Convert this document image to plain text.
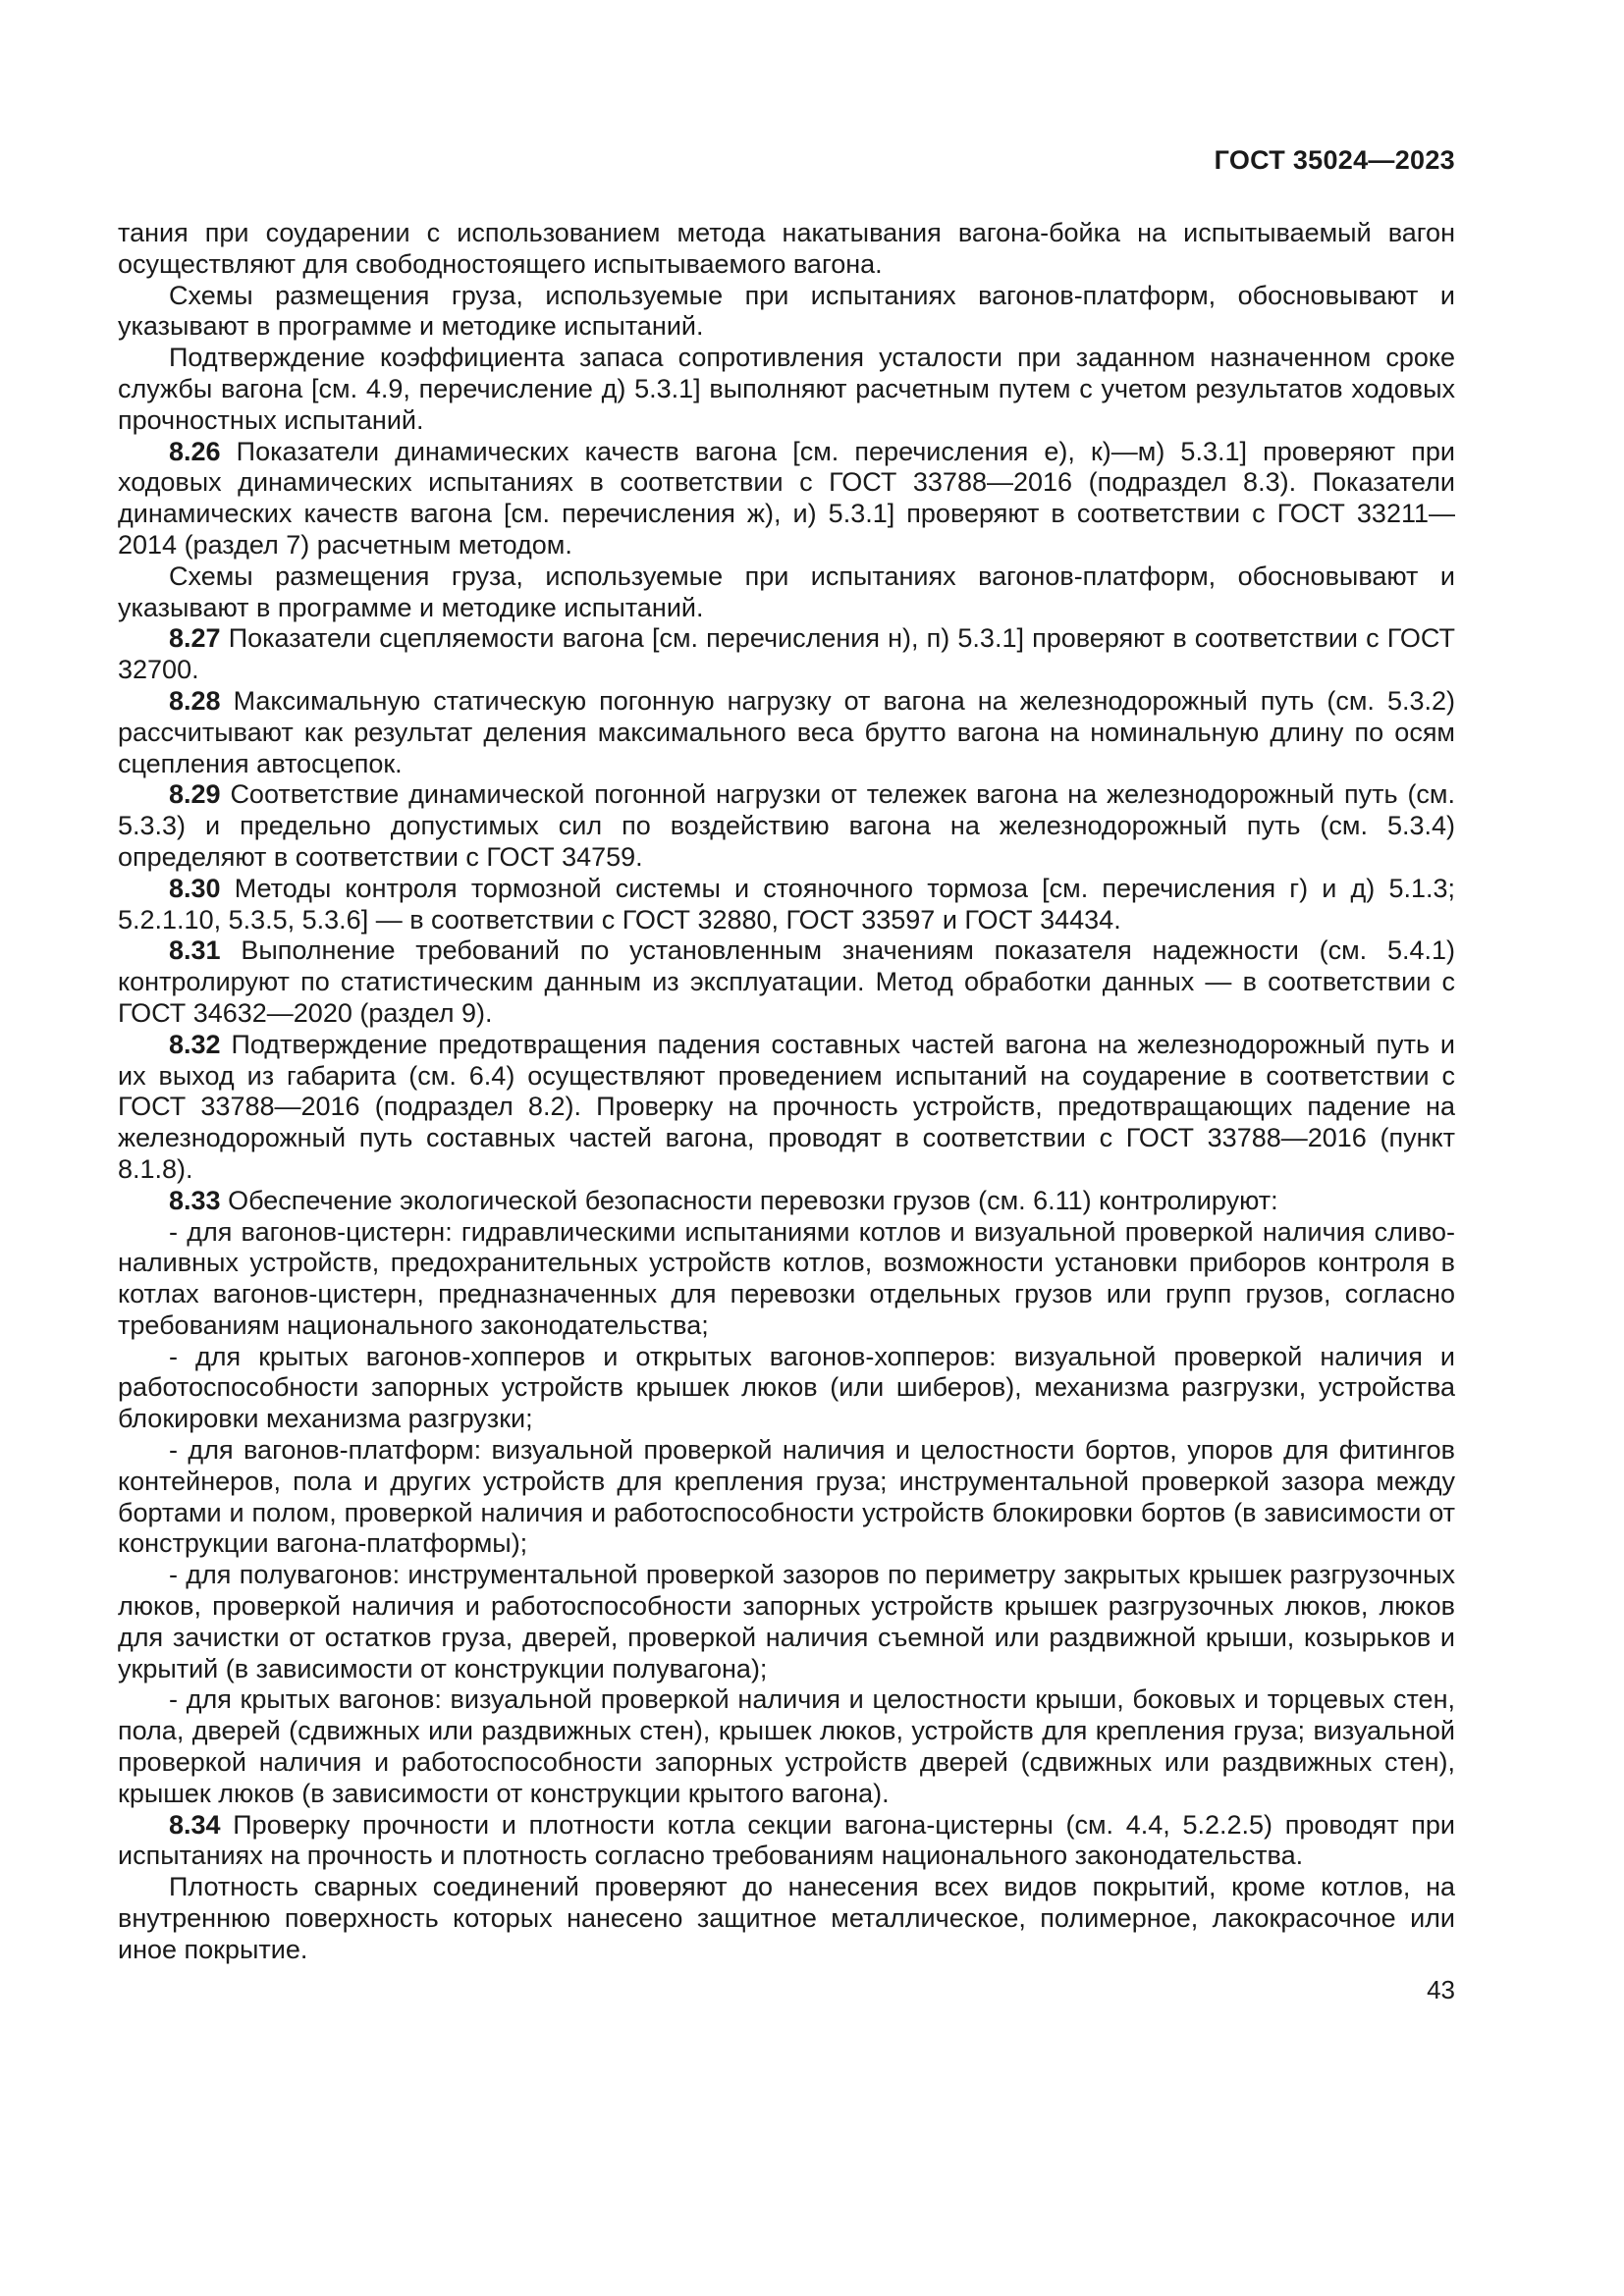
ГОСТ 35024—2023

тания при соударении с использованием метода накатывания вагона-бойка на испытываемый вагон осуществляют для свободностоящего испытываемого вагона.

Схемы размещения груза, используемые при испытаниях вагонов-платформ, обосновывают и указывают в программе и методике испытаний.

Подтверждение коэффициента запаса сопротивления усталости при заданном назначенном сроке службы вагона [см. 4.9, перечисление д) 5.3.1] выполняют расчетным путем с учетом результатов ходовых прочностных испытаний.

8.26 Показатели динамических качеств вагона [см. перечисления е), к)—м) 5.3.1] проверяют при ходовых динамических испытаниях в соответствии с ГОСТ 33788—2016 (подраздел 8.3). Показатели динамических качеств вагона [см. перечисления ж), и) 5.3.1] проверяют в соответствии с ГОСТ 33211—2014 (раздел 7) расчетным методом.

Схемы размещения груза, используемые при испытаниях вагонов-платформ, обосновывают и указывают в программе и методике испытаний.

8.27 Показатели сцепляемости вагона [см. перечисления н), п) 5.3.1] проверяют в соответствии с ГОСТ 32700.

8.28 Максимальную статическую погонную нагрузку от вагона на железнодорожный путь (см. 5.3.2) рассчитывают как результат деления максимального веса брутто вагона на номинальную длину по осям сцепления автосцепок.

8.29 Соответствие динамической погонной нагрузки от тележек вагона на железнодорожный путь (см. 5.3.3) и предельно допустимых сил по воздействию вагона на железнодорожный путь (см. 5.3.4) определяют в соответствии с ГОСТ 34759.

8.30 Методы контроля тормозной системы и стояночного тормоза [см. перечисления г) и д) 5.1.3; 5.2.1.10, 5.3.5, 5.3.6] — в соответствии с ГОСТ 32880, ГОСТ 33597 и ГОСТ 34434.

8.31 Выполнение требований по установленным значениям показателя надежности (см. 5.4.1) контролируют по статистическим данным из эксплуатации. Метод обработки данных — в соответствии с ГОСТ 34632—2020 (раздел 9).

8.32 Подтверждение предотвращения падения составных частей вагона на железнодорожный путь и их выход из габарита (см. 6.4) осуществляют проведением испытаний на соударение в соответствии с ГОСТ 33788—2016 (подраздел 8.2). Проверку на прочность устройств, предотвращающих падение на железнодорожный путь составных частей вагона, проводят в соответствии с ГОСТ 33788—2016 (пункт 8.1.8).

8.33 Обеспечение экологической безопасности перевозки грузов (см. 6.11) контролируют:

- для вагонов-цистерн: гидравлическими испытаниями котлов и визуальной проверкой наличия сливо-наливных устройств, предохранительных устройств котлов, возможности установки приборов контроля в котлах вагонов-цистерн, предназначенных для перевозки отдельных грузов или групп грузов, согласно требованиям национального законодательства;

- для крытых вагонов-хопперов и открытых вагонов-хопперов: визуальной проверкой наличия и работоспособности запорных устройств крышек люков (или шиберов), механизма разгрузки, устройства блокировки механизма разгрузки;

- для вагонов-платформ: визуальной проверкой наличия и целостности бортов, упоров для фитингов контейнеров, пола и других устройств для крепления груза; инструментальной проверкой зазора между бортами и полом, проверкой наличия и работоспособности устройств блокировки бортов (в зависимости от конструкции вагона-платформы);

- для полувагонов: инструментальной проверкой зазоров по периметру закрытых крышек разгрузочных люков, проверкой наличия и работоспособности запорных устройств крышек разгрузочных люков, люков для зачистки от остатков груза, дверей, проверкой наличия съемной или раздвижной крыши, козырьков и укрытий (в зависимости от конструкции полувагона);

- для крытых вагонов: визуальной проверкой наличия и целостности крыши, боковых и торцевых стен, пола, дверей (сдвижных или раздвижных стен), крышек люков, устройств для крепления груза; визуальной проверкой наличия и работоспособности запорных устройств дверей (сдвижных или раздвижных стен), крышек люков (в зависимости от конструкции крытого вагона).

8.34 Проверку прочности и плотности котла секции вагона-цистерны (см. 4.4, 5.2.2.5) проводят при испытаниях на прочность и плотность согласно требованиям национального законодательства.

Плотность сварных соединений проверяют до нанесения всех видов покрытий, кроме котлов, на внутреннюю поверхность которых нанесено защитное металлическое, полимерное, лакокрасочное или иное покрытие.

43
